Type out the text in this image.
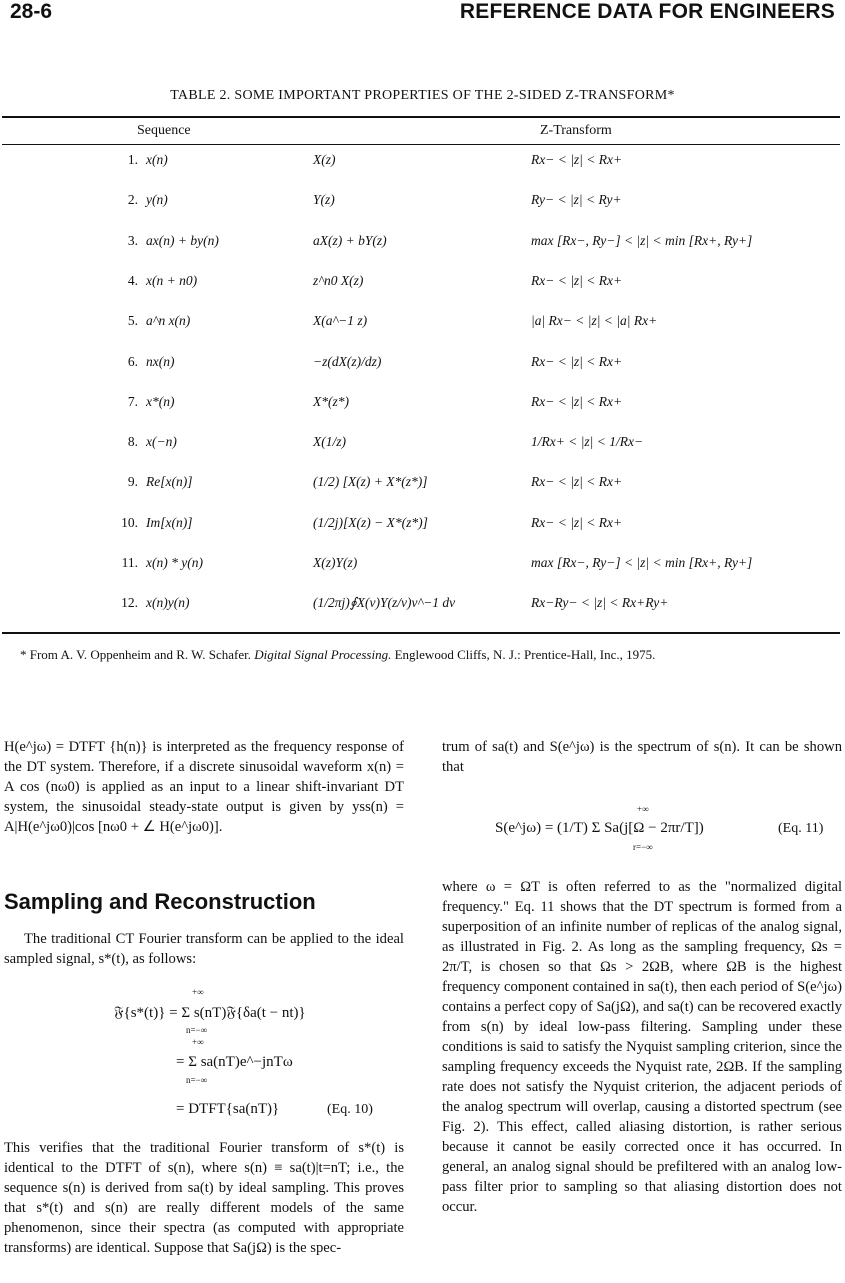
28-6	REFERENCE DATA FOR ENGINEERS
TABLE 2. SOME IMPORTANT PROPERTIES OF THE 2-SIDED Z-TRANSFORM*
Sequence	Z-Transform
1. x(n)	X(z)	Rx− < |z| < Rx+
2. y(n)	Y(z)	Ry− < |z| < Ry+
3. ax(n) + by(n)	aX(z) + bY(z)	max [Rx−, Ry−] < |z| < min [Rx+, Ry+]
4. x(n + n0)	z^n0 X(z)	Rx− < |z| < Rx+
5. a^n x(n)	X(a^−1 z)	|a| Rx− < |z| < |a| Rx+
6. nx(n)	−z(dX(z)/dz)	Rx− < |z| < Rx+
7. x*(n)	X*(z*)	Rx− < |z| < Rx+
8. x(−n)	X(1/z)	1/Rx+ < |z| < 1/Rx−
9. Re[x(n)]	(1/2) [X(z) + X*(z*)]	Rx− < |z| < Rx+
10. Im[x(n)]	(1/2j)[X(z) − X*(z*)]	Rx− < |z| < Rx+
11. x(n) * y(n)	X(z)Y(z)	max [Rx−, Ry−] < |z| < min [Rx+, Ry+]
12. x(n)y(n)	(1/2πj)∮X(v)Y(z/v)v^−1 dv	Rx−Ry− < |z| < Rx+Ry+
* From A. V. Oppenheim and R. W. Schafer. Digital Signal Processing. Englewood Cliffs, N. J.: Prentice-Hall, Inc., 1975.

H(e^jω) = DTFT {h(n)} is interpreted as the frequency response of the DT system. Therefore, if a discrete sinusoidal waveform x(n) = A cos (nω0) is applied as an input to a linear shift-invariant DT system, the sinusoidal steady-state output is given by yss(n) = A|H(e^jω0)|cos [nω0 + ∠ H(e^jω0)].

Sampling and Reconstruction

The traditional CT Fourier transform can be applied to the ideal sampled signal, s*(t), as follows:

𝔉{s*(t)} = Σ s(nT)𝔉{δa(t − nt)}
+∞
n=−∞
= Σ sa(nT)e^−jnTω
+∞
n=−∞
= DTFT{sa(nT)}	(Eq. 10)

This verifies that the traditional Fourier transform of s*(t) is identical to the DTFT of s(n), where s(n) ≡ sa(t)|t=nT; i.e., the sequence s(n) is derived from sa(t) by ideal sampling. This proves that s*(t) and s(n) are really different models of the same phenomenon, since their spectra (as computed with appropriate transforms) are identical. Suppose that Sa(jΩ) is the spec-

trum of sa(t) and S(e^jω) is the spectrum of s(n). It can be shown that

S(e^jω) = (1/T) Σ Sa(j[Ω − 2πr/T])
+∞
r=−∞
(Eq. 11)

where ω = ΩT is often referred to as the "normalized digital frequency." Eq. 11 shows that the DT spectrum is formed from a superposition of an infinite number of replicas of the analog signal, as illustrated in Fig. 2. As long as the sampling frequency, Ωs = 2π/T, is chosen so that Ωs > 2ΩB, where ΩB is the highest frequency component contained in sa(t), then each period of S(e^jω) contains a perfect copy of Sa(jΩ), and sa(t) can be recovered exactly from s(n) by ideal low-pass filtering. Sampling under these conditions is said to satisfy the Nyquist sampling criterion, since the sampling frequency exceeds the Nyquist rate, 2ΩB. If the sampling rate does not satisfy the Nyquist criterion, the adjacent periods of the analog spectrum will overlap, causing a distorted spectrum (see Fig. 2). This effect, called aliasing distortion, is rather serious because it cannot be easily corrected once it has occurred. In general, an analog signal should be prefiltered with an analog low-pass filter prior to sampling so that aliasing distortion does not occur.
